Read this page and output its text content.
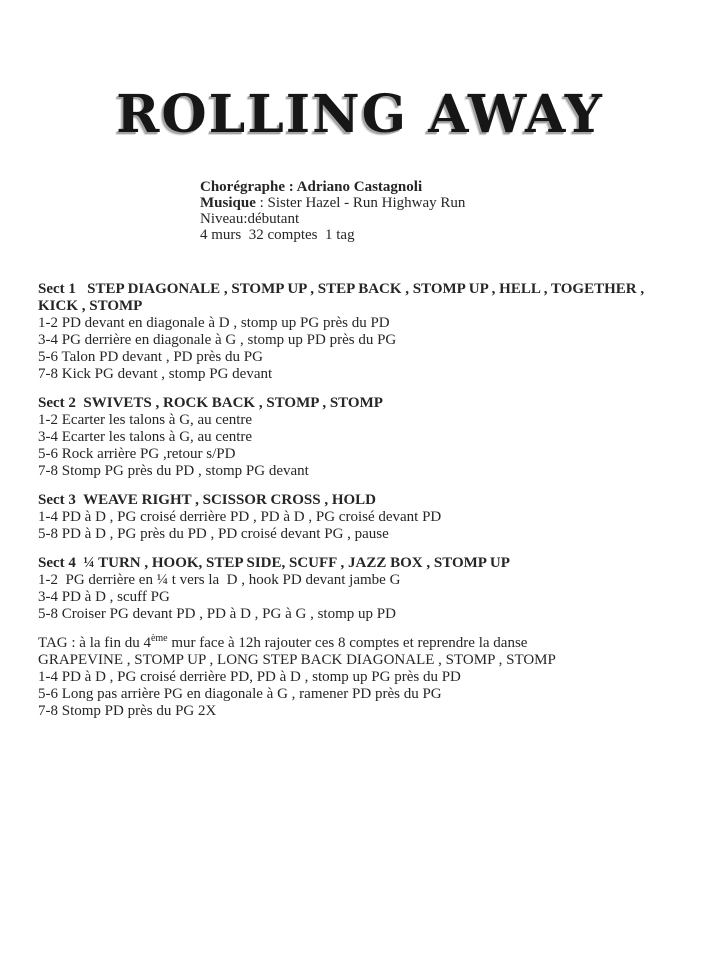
ROLLING AWAY
Chorégraphe : Adriano Castagnoli
Musique : Sister Hazel - Run Highway Run
Niveau:débutant
4 murs  32 comptes  1 tag
Sect 1   STEP DIAGONALE , STOMP UP , STEP BACK , STOMP UP , HELL , TOGETHER , KICK , STOMP
1-2 PD devant en diagonale à D , stomp up PG près du PD
3-4 PG derrière en diagonale à G , stomp up PD près du PG
5-6 Talon PD devant , PD près du PG
7-8 Kick PG devant , stomp PG devant
Sect 2  SWIVETS , ROCK BACK , STOMP , STOMP
1-2 Ecarter les talons à G, au centre
3-4 Ecarter les talons à G, au centre
5-6 Rock arrière PG ,retour s/PD
7-8 Stomp PG près du PD , stomp PG devant
Sect 3  WEAVE RIGHT , SCISSOR CROSS , HOLD
1-4 PD à D , PG croisé derrière PD , PD à D , PG croisé devant PD
5-8 PD à D , PG près du PD , PD croisé devant PG , pause
Sect 4  ¼ TURN , HOOK, STEP SIDE, SCUFF , JAZZ BOX , STOMP UP
1-2  PG derrière en ¼ t vers la  D , hook PD devant jambe G
3-4 PD à D , scuff PG
5-8 Croiser PG devant PD , PD à D , PG à G , stomp up PD
TAG : à la fin du 4ème mur face à 12h rajouter ces 8 comptes et reprendre la danse
GRAPEVINE , STOMP UP , LONG STEP BACK DIAGONALE , STOMP , STOMP
1-4 PD à D , PG croisé derrière PD, PD à D , stomp up PG près du PD
5-6 Long pas arrière PG en diagonale à G , ramener PD près du PG
7-8 Stomp PD près du PG 2X
